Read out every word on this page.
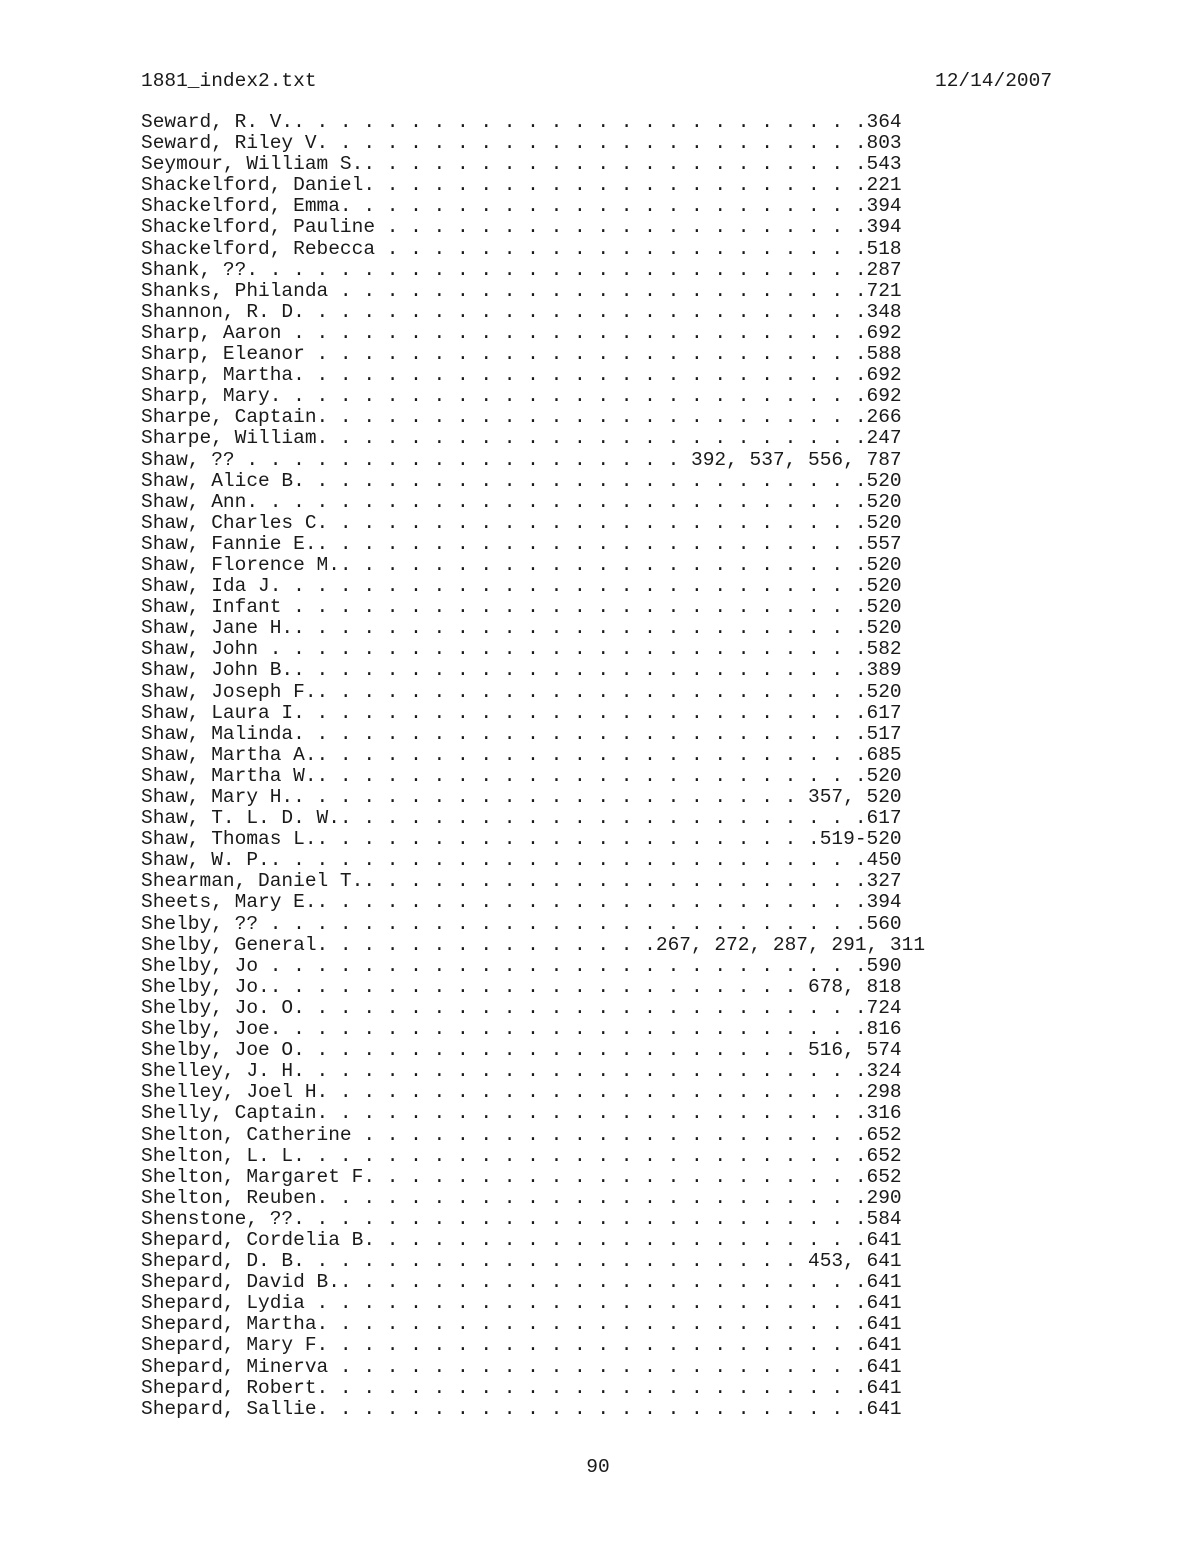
1881_index2.txt	12/14/2007
Seward, R. V.. . . . . . . . . . . . . . . . . . . . . . . . .364
Seward, Riley V. . . . . . . . . . . . . . . . . . . . . . . .803
Seymour, William S.. . . . . . . . . . . . . . . . . . . . . .543
Shackelford, Daniel. . . . . . . . . . . . . . . . . . . . . .221
Shackelford, Emma. . . . . . . . . . . . . . . . . . . . . . .394
Shackelford, Pauline . . . . . . . . . . . . . . . . . . . . .394
Shackelford, Rebecca . . . . . . . . . . . . . . . . . . . . .518
Shank, ??. . . . . . . . . . . . . . . . . . . . . . . . . . .287
Shanks, Philanda . . . . . . . . . . . . . . . . . . . . . . .721
Shannon, R. D. . . . . . . . . . . . . . . . . . . . . . . . .348
Sharp, Aaron . . . . . . . . . . . . . . . . . . . . . . . . .692
Sharp, Eleanor . . . . . . . . . . . . . . . . . . . . . . . .588
Sharp, Martha. . . . . . . . . . . . . . . . . . . . . . . . .692
Sharp, Mary. . . . . . . . . . . . . . . . . . . . . . . . . .692
Sharpe, Captain. . . . . . . . . . . . . . . . . . . . . . . .266
Sharpe, William. . . . . . . . . . . . . . . . . . . . . . . .247
Shaw, ?? . . . . . . . . . . . . . . . . . . . 392, 537, 556, 787
Shaw, Alice B. . . . . . . . . . . . . . . . . . . . . . . . .520
Shaw, Ann. . . . . . . . . . . . . . . . . . . . . . . . . . .520
Shaw, Charles C. . . . . . . . . . . . . . . . . . . . . . . .520
Shaw, Fannie E.. . . . . . . . . . . . . . . . . . . . . . . .557
Shaw, Florence M.. . . . . . . . . . . . . . . . . . . . . . .520
Shaw, Ida J. . . . . . . . . . . . . . . . . . . . . . . . . .520
Shaw, Infant . . . . . . . . . . . . . . . . . . . . . . . . .520
Shaw, Jane H.. . . . . . . . . . . . . . . . . . . . . . . . .520
Shaw, John . . . . . . . . . . . . . . . . . . . . . . . . . .582
Shaw, John B.. . . . . . . . . . . . . . . . . . . . . . . . .389
Shaw, Joseph F.. . . . . . . . . . . . . . . . . . . . . . . .520
Shaw, Laura I. . . . . . . . . . . . . . . . . . . . . . . . .617
Shaw, Malinda. . . . . . . . . . . . . . . . . . . . . . . . .517
Shaw, Martha A.. . . . . . . . . . . . . . . . . . . . . . . .685
Shaw, Martha W.. . . . . . . . . . . . . . . . . . . . . . . .520
Shaw, Mary H.. . . . . . . . . . . . . . . . . . . . . . 357, 520
Shaw, T. L. D. W.. . . . . . . . . . . . . . . . . . . . . . .617
Shaw, Thomas L.. . . . . . . . . . . . . . . . . . . . . .519-520
Shaw, W. P.. . . . . . . . . . . . . . . . . . . . . . . . . .450
Shearman, Daniel T.. . . . . . . . . . . . . . . . . . . . . .327
Sheets, Mary E.. . . . . . . . . . . . . . . . . . . . . . . .394
Shelby, ?? . . . . . . . . . . . . . . . . . . . . . . . . . .560
Shelby, General. . . . . . . . . . . . . . .267, 272, 287, 291, 311
Shelby, Jo . . . . . . . . . . . . . . . . . . . . . . . . . .590
Shelby, Jo.. . . . . . . . . . . . . . . . . . . . . . . 678, 818
Shelby, Jo. O. . . . . . . . . . . . . . . . . . . . . . . . .724
Shelby, Joe. . . . . . . . . . . . . . . . . . . . . . . . . .816
Shelby, Joe O. . . . . . . . . . . . . . . . . . . . . . 516, 574
Shelley, J. H. . . . . . . . . . . . . . . . . . . . . . . . .324
Shelley, Joel H. . . . . . . . . . . . . . . . . . . . . . . .298
Shelly, Captain. . . . . . . . . . . . . . . . . . . . . . . .316
Shelton, Catherine . . . . . . . . . . . . . . . . . . . . . .652
Shelton, L. L. . . . . . . . . . . . . . . . . . . . . . . . .652
Shelton, Margaret F. . . . . . . . . . . . . . . . . . . . . .652
Shelton, Reuben. . . . . . . . . . . . . . . . . . . . . . . .290
Shenstone, ??. . . . . . . . . . . . . . . . . . . . . . . . .584
Shepard, Cordelia B. . . . . . . . . . . . . . . . . . . . . .641
Shepard, D. B. . . . . . . . . . . . . . . . . . . . . . 453, 641
Shepard, David B.. . . . . . . . . . . . . . . . . . . . . . .641
Shepard, Lydia . . . . . . . . . . . . . . . . . . . . . . . .641
Shepard, Martha. . . . . . . . . . . . . . . . . . . . . . . .641
Shepard, Mary F. . . . . . . . . . . . . . . . . . . . . . . .641
Shepard, Minerva . . . . . . . . . . . . . . . . . . . . . . .641
Shepard, Robert. . . . . . . . . . . . . . . . . . . . . . . .641
Shepard, Sallie. . . . . . . . . . . . . . . . . . . . . . . .641
90
